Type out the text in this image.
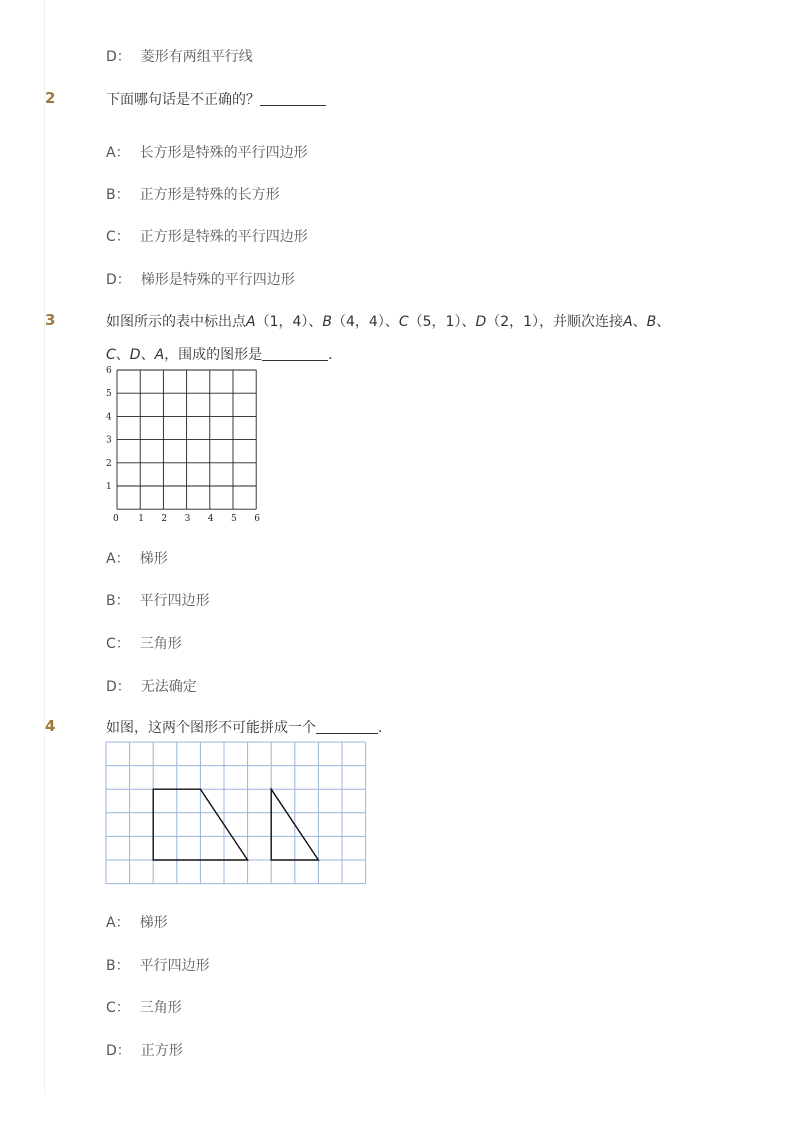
D： 菱形有两组平行线
2	下面哪句话是不正确的？
A： 长方形是特殊的平行四边形
B： 正方形是特殊的长方形
C： 正方形是特殊的平行四边形
D： 梯形是特殊的平行四边形
3	如图所示的表中标出点A（1，4）、B（4，4）、C（5，1）、D（2，1），并顺次连接A、B、
C、D、A，围成的图形是	．
0 1 2 3 4 5 6
1
2
3
4
5
6
A： 梯形
B： 平行四边形
C： 三角形
D： 无法确定
4	如图，这两个图形不可能拼成一个	．
A： 梯形
B： 平行四边形
C： 三角形
D： 正方形
